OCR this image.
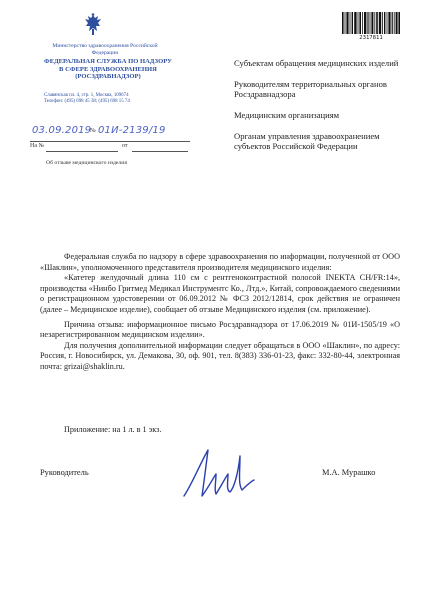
Министерство здравоохранения Российской Федерации
ФЕДЕРАЛЬНАЯ СЛУЖБА ПО НАДЗОРУ
В СФЕРЕ ЗДРАВООХРАНЕНИЯ
(РОСЗДРАВНАДЗОР)
Славянская пл. 4, стр. 1, Москва, 109074
Телефон: (495) 698 45 38; (495) 698 15 74
03.09.2019
№ 01И-2139/19
На №	от
Об отзыве медицинского изделия
2317811

Субъектам обращения медицинских изделий

Руководителям территориальных органов Росздравнадзора

Медицинским организациям

Органам управления здравоохранением субъектов Российской Федерации

Федеральная служба по надзору в сфере здравоохранения по информации, полученной от ООО «Шаклин», уполномоченного представителя производителя медицинского изделия:

«Катетер желудочный длина 110 см с рентгеноконтрастной полосой INEKTA CH/FR:14», производства «Нинбо Гритмед Медикал Инструментс Ко., Лтд.», Китай, сопровождаемого сведениями о регистрационном удостоверении от 06.09.2012 № ФСЗ 2012/12814, срок действия не ограничен (далее – Медицинское изделие), сообщает об отзыве Медицинского изделия (см. приложение).

Причина отзыва: информационное письмо Росздравнадзора от 17.06.2019 № 01И-1505/19 «О незарегистрированном медицинском изделии».

Для получения дополнительной информации следует обращаться в ООО «Шаклин», по адресу: Россия, г. Новосибирск, ул. Демакова, 30, оф. 901, тел. 8(383) 336-01-23, факс: 332-80-44, электронная почта: grizai@shaklin.ru.

Приложение: на 1 л. в 1 экз.
Руководитель	М.А. Мурашко
